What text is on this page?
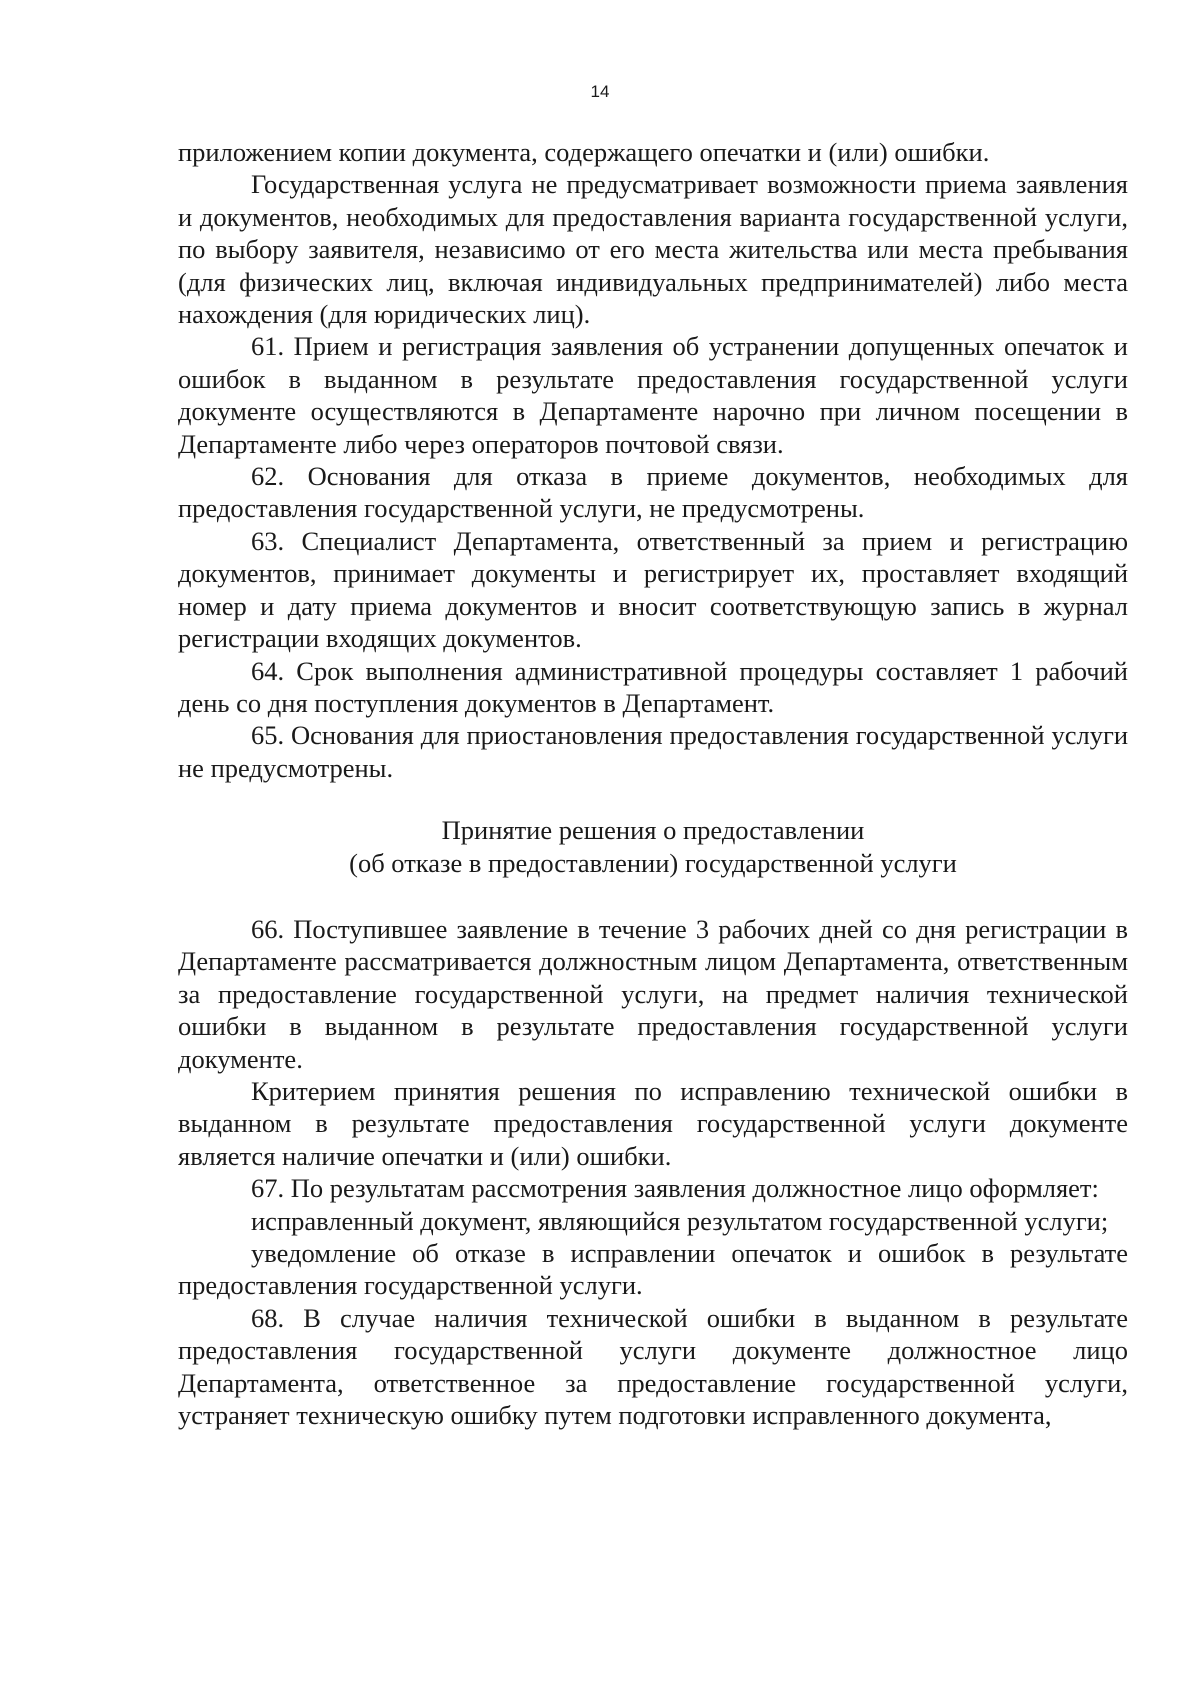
14

приложением копии документа, содержащего опечатки и (или) ошибки.

Государственная услуга не предусматривает возможности приема заявления и документов, необходимых для предоставления варианта государственной услуги, по выбору заявителя, независимо от его места жительства или места пребывания (для физических лиц, включая индивидуальных предпринимателей) либо места нахождения (для юридических лиц).

61. Прием и регистрация заявления об устранении допущенных опечаток и ошибок в выданном в результате предоставления государственной услуги документе осуществляются в Департаменте нарочно при личном посещении в Департаменте либо через операторов почтовой связи.

62. Основания для отказа в приеме документов, необходимых для предоставления государственной услуги, не предусмотрены.

63. Специалист Департамента, ответственный за прием и регистрацию документов, принимает документы и регистрирует их, проставляет входящий номер и дату приема документов и вносит соответствующую запись в журнал регистрации входящих документов.

64. Срок выполнения административной процедуры составляет 1 рабочий день со дня поступления документов в Департамент.

65. Основания для приостановления предоставления государственной услуги не предусмотрены.

Принятие решения о предоставлении
(об отказе в предоставлении) государственной услуги

66. Поступившее заявление в течение 3 рабочих дней со дня регистрации в Департаменте рассматривается должностным лицом Департамента, ответственным за предоставление государственной услуги, на предмет наличия технической ошибки в выданном в результате предоставления государственной услуги документе.

Критерием принятия решения по исправлению технической ошибки в выданном в результате предоставления государственной услуги документе является наличие опечатки и (или) ошибки.

67. По результатам рассмотрения заявления должностное лицо оформляет:

исправленный документ, являющийся результатом государственной услуги;

уведомление об отказе в исправлении опечаток и ошибок в результате предоставления государственной услуги.

68. В случае наличия технической ошибки в выданном в результате предоставления государственной услуги документе должностное лицо Департамента, ответственное за предоставление государственной услуги, устраняет техническую ошибку путем подготовки исправленного документа,
